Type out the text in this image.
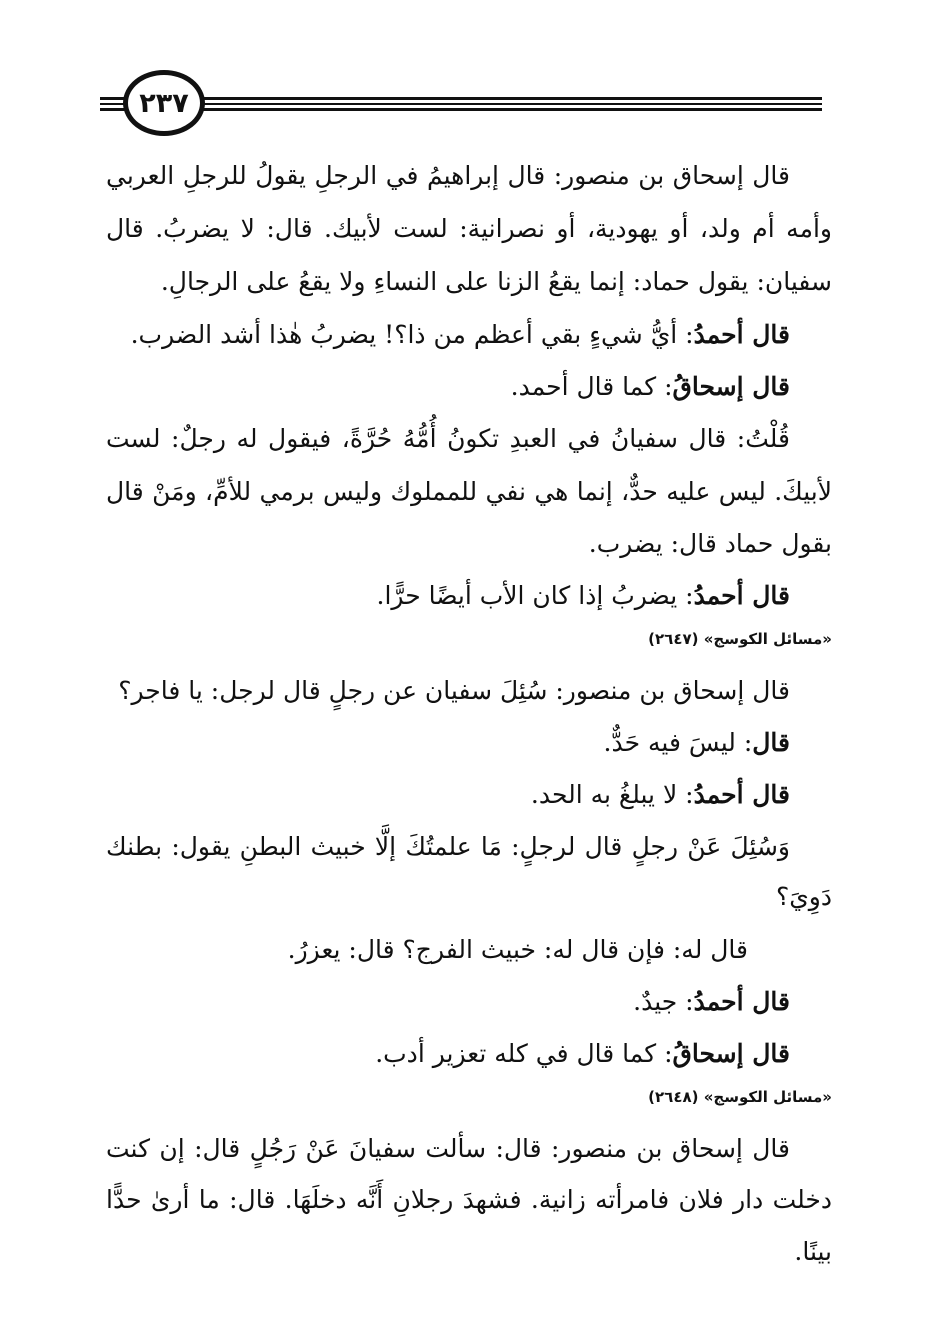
٢٣٧
قال إسحاق بن منصور: قال إبراهيمُ في الرجلِ يقولُ للرجلِ العربي
وأمه أم ولد، أو يهودية، أو نصرانية: لست لأبيك. قال: لا يضربُ. قال
سفيان: يقول حماد: إنما يقعُ الزنا على النساءِ ولا يقعُ على الرجالِ.
قال أحمدُ: أيُّ شيءٍ بقي أعظم من ذا؟! يضربُ هٰذا أشد الضرب.
قال إسحاقُ: كما قال أحمد.
قُلْتُ: قال سفيانُ في العبدِ تكونُ أُمُّهُ حُرَّةً، فيقول له رجلٌ: لست
لأبيكَ. ليس عليه حدٌّ، إنما هي نفي للمملوك وليس برمي للأمِّ، ومَنْ قال
بقول حماد قال: يضرب.
قال أحمدُ: يضربُ إذا كان الأب أيضًا حرًّا.
«مسائل الكوسج» (٢٦٤٧)
قال إسحاق بن منصور: سُئِلَ سفيان عن رجلٍ قال لرجل: يا فاجر؟
قال: ليسَ فيه حَدٌّ.
قال أحمدُ: لا يبلغُ به الحد.
وَسُئِلَ عَنْ رجلٍ قال لرجلٍ: مَا علمتُكَ إلَّا خبيث البطنِ يقول: بطنك
دَوِيَ؟
قال له: فإن قال له: خبيث الفرج؟ قال: يعزرُ.
قال أحمدُ: جيدٌ.
قال إسحاقُ: كما قال في كله تعزير أدب.
«مسائل الكوسج» (٢٦٤٨)
قال إسحاق بن منصور: قال: سألت سفيانَ عَنْ رَجُلٍ قال: إن كنت
دخلت دار فلان فامرأته زانية. فشهدَ رجلانِ أَنَّه دخلَهَا. قال: ما أرىٰ حدًّا
بينًا.
